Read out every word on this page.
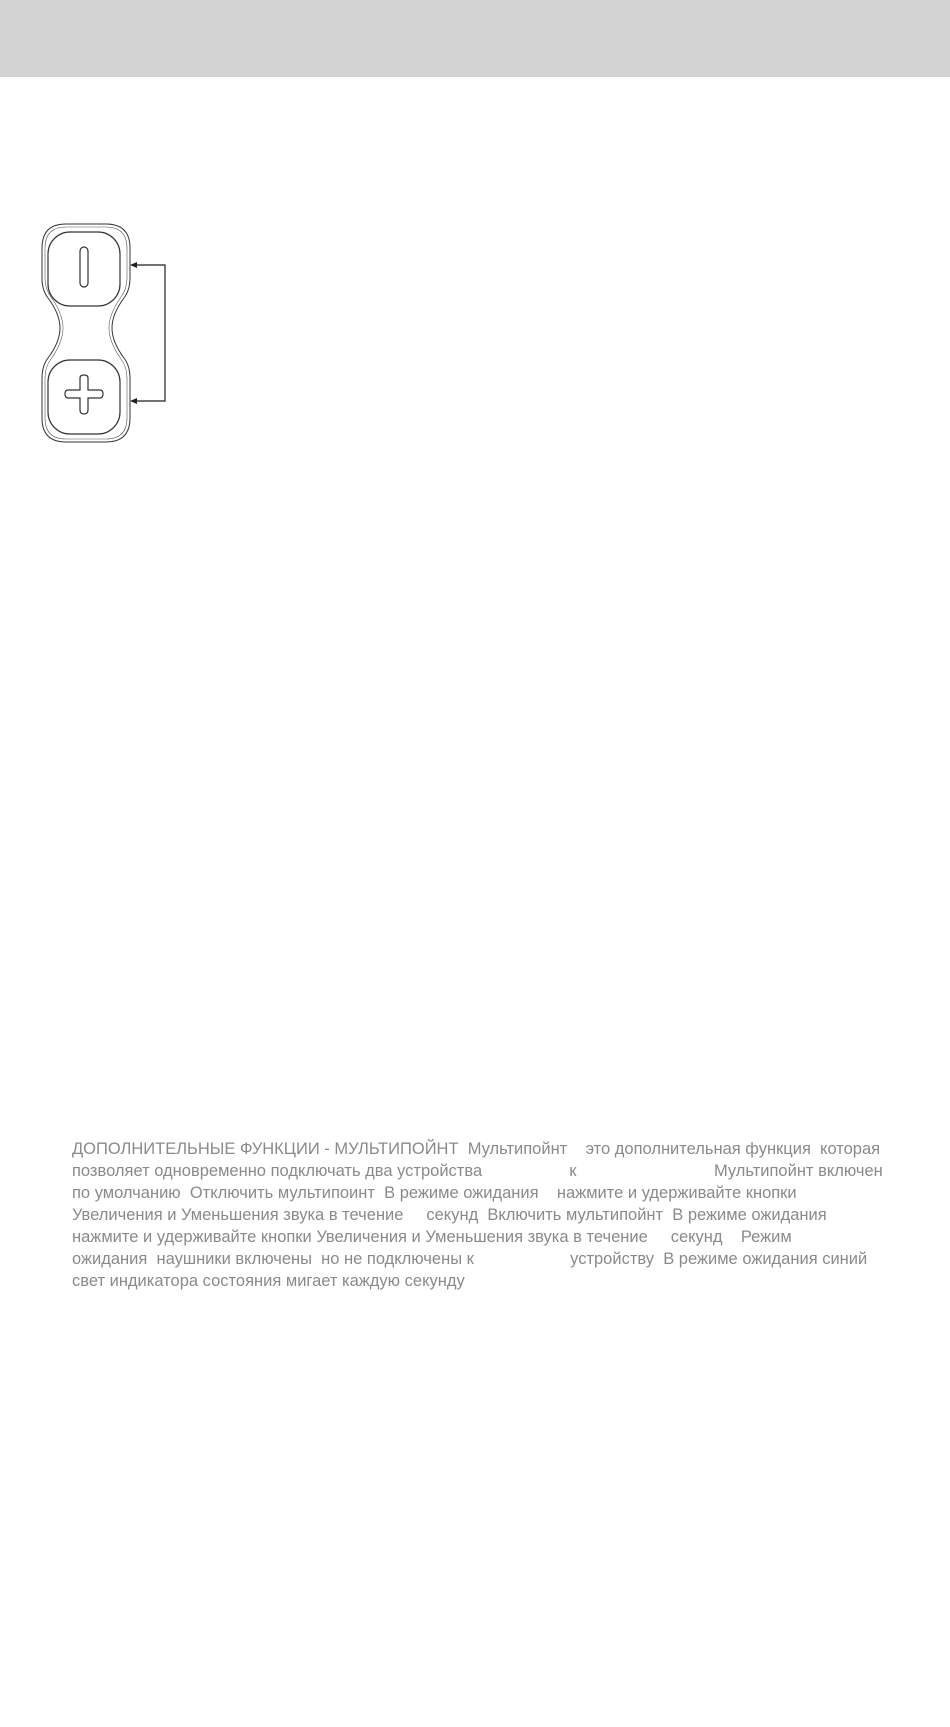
ДОПОЛНИТЕЛЬНЫЕ ФУНКЦИИ - МУЛЬТИПОЙНТ  Мультипойнт    это дополнительная функция  которая
позволяет одновременно подключать два устройства                   к                              Мультипойнт включен
по умолчанию  Отключить мультипоинт  В режиме ожидания    нажмите и удерживайте кнопки
Увеличения и Уменьшения звука в течение     секунд  Включить мультипойнт  В режиме ожидания
нажмите и удерживайте кнопки Увеличения и Уменьшения звука в течение     секунд    Режим
ожидания  наушники включены  но не подключены к                     устройству  В режиме ожидания синий
свет индикатора состояния мигает каждую секунду
